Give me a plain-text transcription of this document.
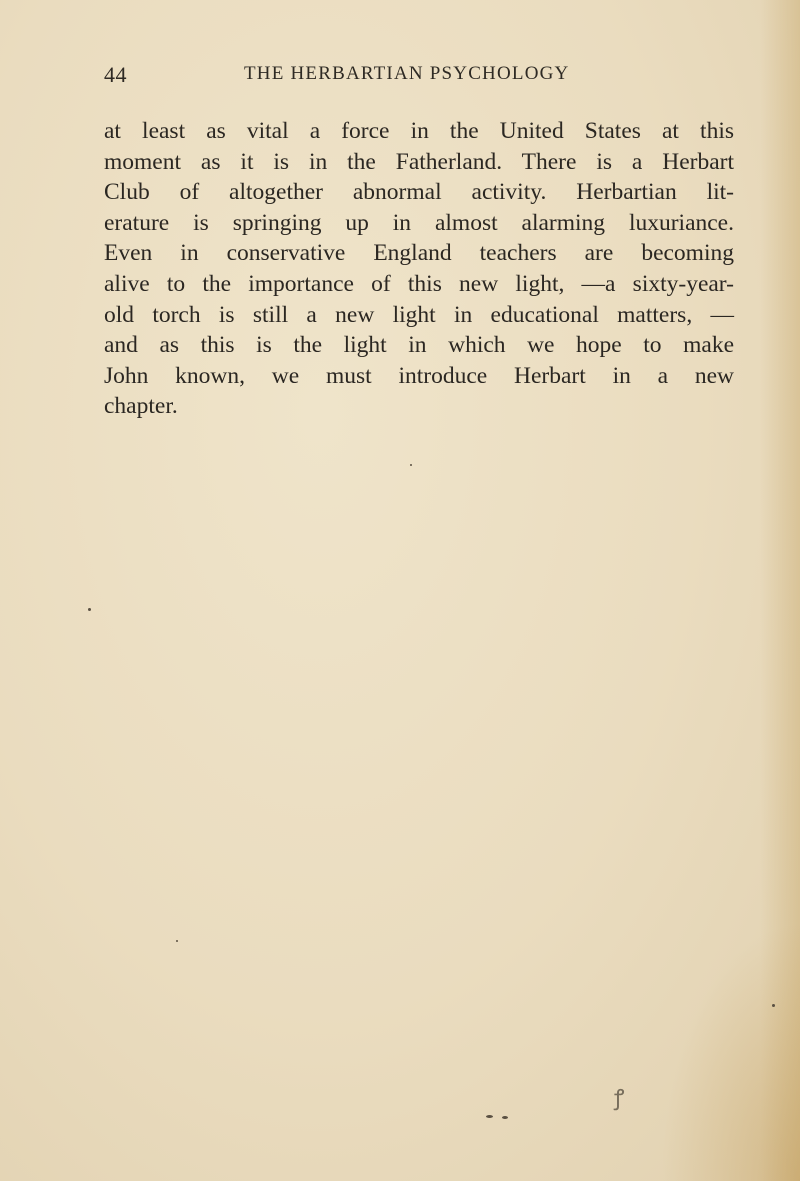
44	THE HERBARTIAN PSYCHOLOGY
at least as vital a force in the United States at this
moment as it is in the Fatherland. There is a Herbart
Club of altogether abnormal activity. Herbartian lit-
erature is springing up in almost alarming luxuriance.
Even in conservative England teachers are becoming
alive to the importance of this new light, —a sixty-year-
old torch is still a new light in educational matters, —
and as this is the light in which we hope to make
John known, we must introduce Herbart in a new
chapter.
ꝭ
